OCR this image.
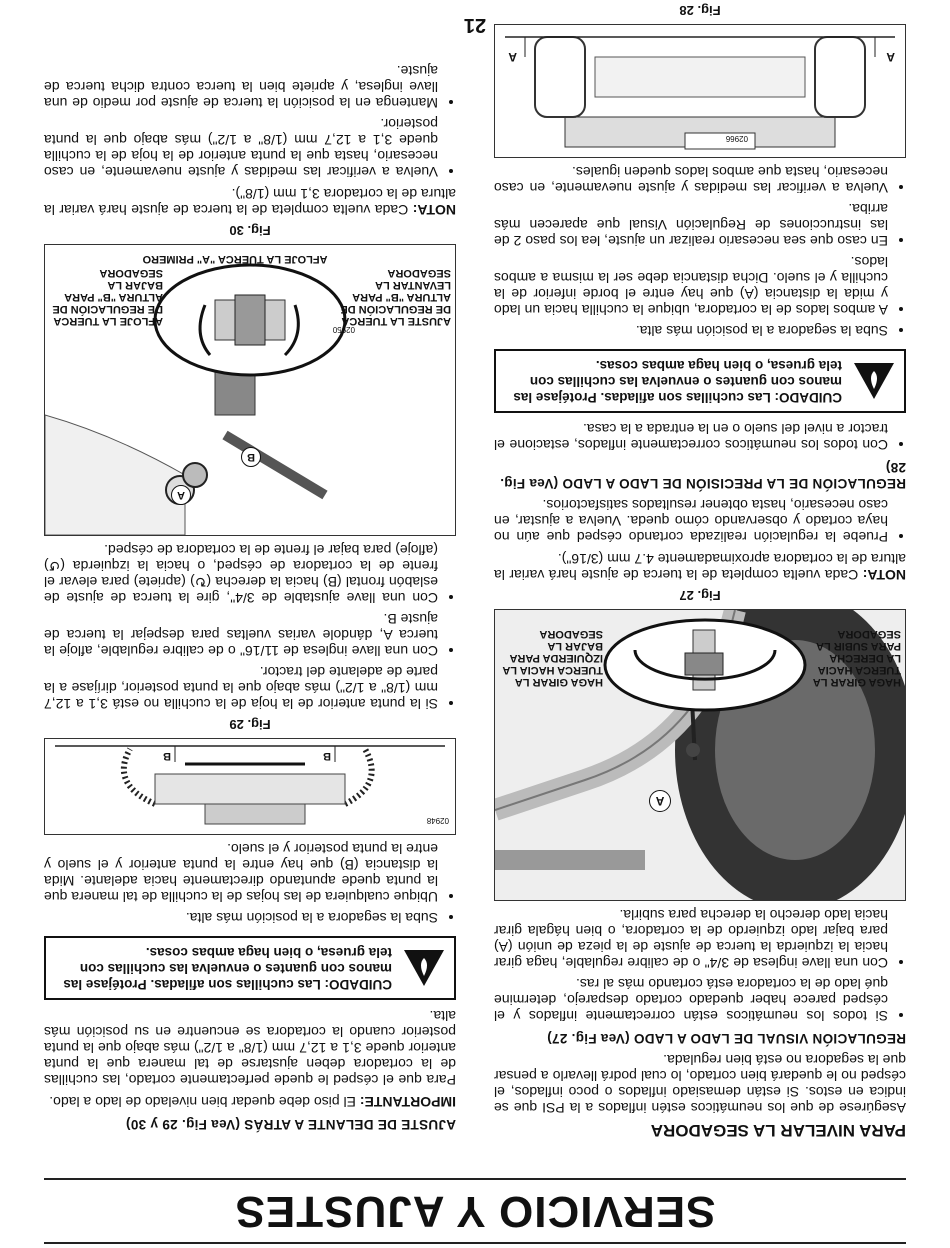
SERVICIO Y AJUSTES
PARA NIVELAR LA SEGADORA

Asegúrese de que los neumáticos estén inflados a la PSI que se indica en estos. Si están demasiado inflados o poco inflados, el césped no le quedará bien cortado, lo cual podrá llevarlo a pensar que la segadora no está bien regulada.

REGULACIÓN VISUAL DE LADO A LADO (Vea Fig. 27)
• Si todos los neumáticos están correctamente inflados y el césped parece haber quedado cortado desparejo, determine qué lado de la cortadora está cortando más al ras.
• Con una llave inglesa de 3/4" o de calibre regulable, haga girar hacia la izquierda la tuerca de ajuste de la pieza de unión (A) para bajar lado izquierdo de la cortadora, o bien hágala girar hacia lado derecho la derecha para subirla.
A
HAGA GIRAR LA TUERCA HACIA LA DERECHA PARA SUBIR LA SEGADORA
HAGA GIRAR LA TUERCA HACIA LA IZQUIERDA PARA BAJAR LA SEGADORA
Fig. 27

NOTA: Cada vuelta completa de la tuerca de ajuste hará variar la altura de la cortadora aproximadamente 4.7 mm (3/16").

• Pruebe la regulación realizada cortando césped que aún no haya cortado y observando cómo queda. Vuelva a ajustar, en caso necesario, hasta obtener resultados satisfactorios.
REGULACIÓN DE LA PRECISIÓN DE LADO A LADO (Vea Fig. 28)
• Con todos los neumáticos correctamente inflados, estacione el tractor a nivel del suelo o en la entrada a la casa.
CUIDADO: Las cuchillas son afiladas. Protéjase las manos con guantes o envuelva las cuchillas con tela gruesa, o bien haga ambas cosas.
• Suba la segadora a la posición más alta.
• A ambos lados de la cortadora, ubique la cuchilla hacia un lado y mida la distancia (A) que hay entre el borde inferior de la cuchilla y el suelo. Dicha distancia debe ser la misma a ambos lados.
• En caso que sea necesario realizar un ajuste, lea los paso 2 de las instrucciones de Regulación Visual que aparecen más arriba.
• Vuelva a verificar las medidas y ajuste nuevamente, en caso necesario, hasta que ambos lados queden iguales.
A
A
02966
Fig. 28
AJUSTE DE DELANTE A ATRÁS (Vea Fig. 29 y 30)

IMPORTANTE: El piso debe quedar bien nivelado de lado a lado.

Para que el césped le quede perfectamente cortado, las cuchillas de la cortadora deben ajustarse de tal manera que la punta anterior quede 3,1 a 12,7 mm (1/8" a 1/2") más abajo que la punta posterior cuando la cortadora se encuentre en su posición más alta.

CUIDADO: Las cuchillas son afiladas. Protéjase las manos con guantes o envuelva las cuchillas con tela gruesa, o bien haga ambas cosas.
• Suba la segadora a la posición más alta.
• Ubique cualquiera de las hojas de la cuchilla de tal manera que la punta quede apuntando directamente hacia adelante. Mida la distancia (B) que hay entre la punta anterior y el suelo y entre la punta posterior y el suelo.
B
B
02948
Fig. 29
• Si la punta anterior de la hoja de la cuchilla no está 3,1 a 12,7 mm (1/8" a 1/2") más abajo que la punta posterior, diríjase a la parte de adelante del tractor.
• Con una llave inglesa de 11/16" o de calibre regulable, afloje la tuerca A, dándole varias vueltas para despejar la tuerca de ajuste B.
• Con una llave ajustable de 3/4", gire la tuerca de ajuste de eslabón frontal (B) hacia la derecha (↻) (apriete) para elevar el frente de la cortadora de césped, o hacia la izquierda (↺) (afloje) para bajar el frente de la cortadora de césped.
A
B
AJUSTE LA TUERCA DE REGULACIÓN DE ALTURA "B" PARA LEVANTAR LA SEGADORA
AFLOJE LA TUERCA DE REGULACIÓN DE ALTURA "B" PARA BAJAR LA SEGADORA
AFLOJE LA TUERCA "A" PRIMERO
02950
Fig. 30

NOTA: Cada vuelta completa de la tuerca de ajuste hará variar la altura de la cortadora 3,1 mm (1/8").

• Vuelva a verificar las medidas y ajuste nuevamente, en caso necesario, hasta que la punta anterior de la hoja de la cuchilla quede 3,1 a 12,7 mm (1/8" a 1/2") más abajo que la punta posterior.
• Mantenga en la posición la tuerca de ajuste por medio de una llave inglesa, y apriete bien la tuerca contra dicha tuerca de ajuste.
21
